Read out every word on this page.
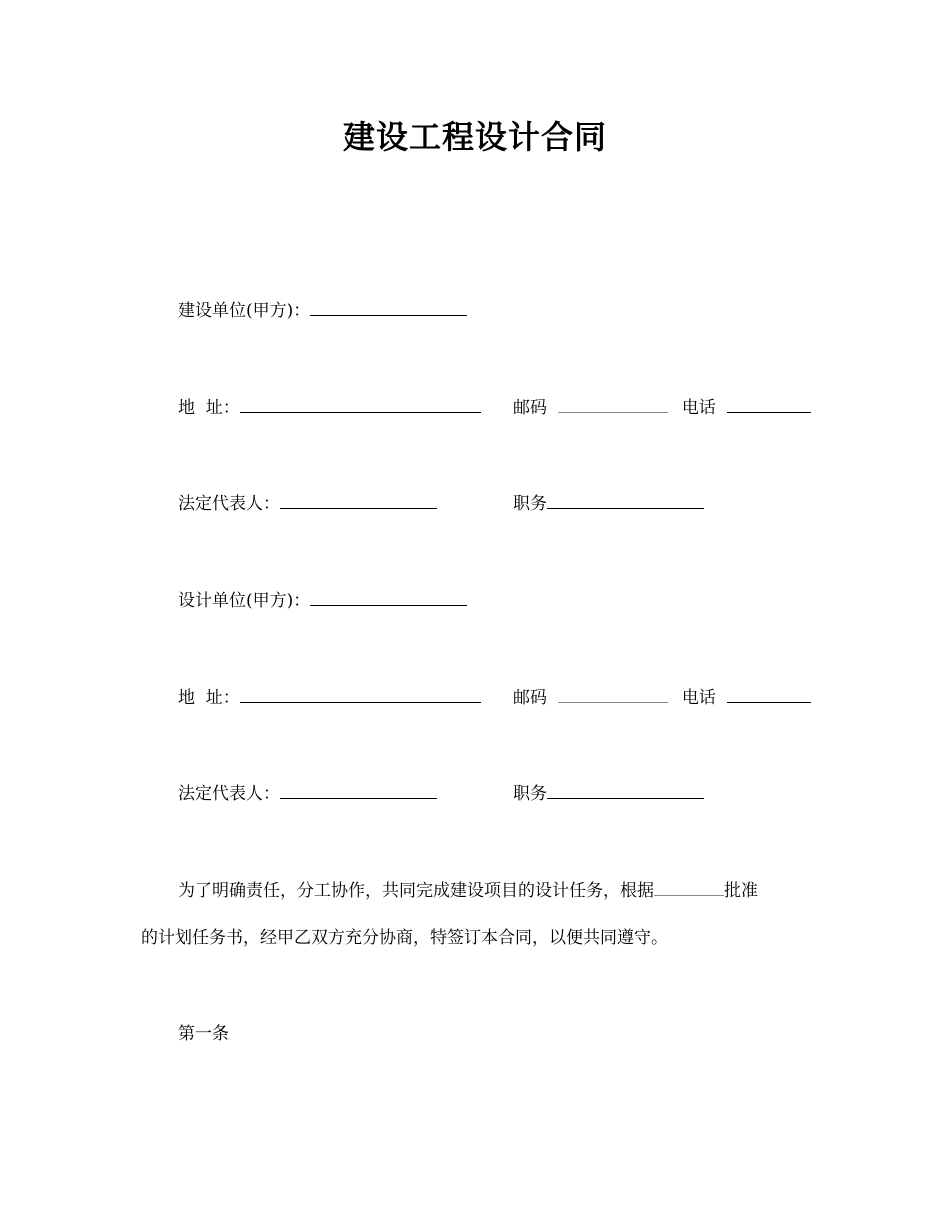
建设工程设计合同
建设单位(甲方)：
地  址：	邮码	电话
法定代表人：	职务
设计单位(甲方)：
地  址：	邮码	电话
法定代表人：	职务
为了明确责任，分工协作，共同完成建设项目的设计任务，根据	批准
的计划任务书，经甲乙双方充分协商，特签订本合同，以便共同遵守。
第一条
